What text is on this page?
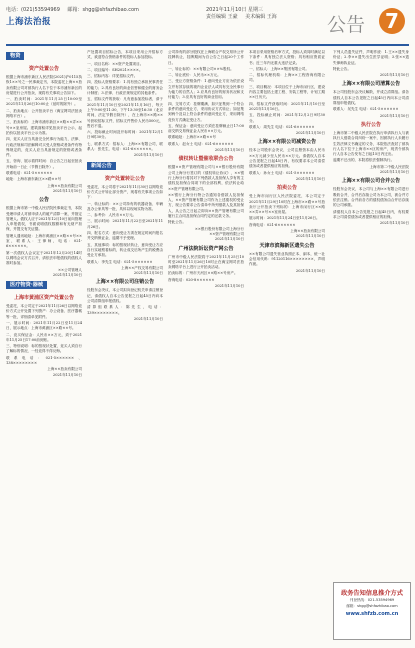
电话：(021)53594969 邮箱：shgg@shfazhibao.com	2021年11月10日 星期三
责任编辑 王豪 美术编辑 王海
上海法治报	公告	7
物资
资产处置公告

根据上海市浦东新区人民法院(2021)沪0115执恢1××号之一民事裁定书，本院委托上海××拍卖有限公司对被执行人名下位于本市浦东新区的房屋进行公开拍卖，现将有关事项公告如下。

一、拍卖时间：2021年11月25日10:00至2021年11月26日10:00止（延时的除外）。

二、拍卖地点：公开拍卖平台（淘宝网司法拍卖网络平台）。

三、拍卖标的：上海市浦东新区××路××弄××号××室房屋。建筑面积详见拍卖平台公示，起拍价以拍卖平台公示为准。

四、竞买人应当具备完全民事行为能力，法律、行政法规和司法解释对买受人资格或者条件有特殊规定的，竞买人应当具备规定的资格或者条件。

五、咨询、展示看样时间：自公告之日起至拍卖开始前一日止（节假日除外）。

联系电话：021-5××××××

地址：上海市浦东新区××路××号

上海××拍卖有限公司
2021年11月10日

公告

根据上海市第一中级人民法院民事裁定书，本院受理申请人对被申请人的破产清算一案，并指定管理人。债权人应于2021年12月10日前向管理人申报债权，书面说明债权数额和有无财产担保，并提交有关证据。

管理人通讯地址：上海市黄浦区××路××号××室，联系人：王律师，电话：021-6××××××。

第一次债权人会议定于2021年12月20日14时以网络会议方式召开，请依法申报债权的债权人准时参加。

××公司管理人
2021年11月10日

医疗物资·器械
上海市黄浦区资产处置公告

受委托，本公司定于2021年11月26日以网络竞价方式公开处置下列资产：办公设备、医疗器械等一批，详细清单见附件。

一、展示时间：2021年11月22日至11月24日，展示地点：上海市黄浦区××路××号。

二、竞买保证金：人民币××万元，须于2021年11月25日17:00前到账。

三、特别说明：标的按现状处置，竞买人须自行了解标的情况，一经竞得不得反悔。

联系电话：021-5××××××、138××××××××

上海××拍卖有限公司
2021年11月10日

产处置项目招标公告，本项目采用公开招标方式，欢迎符合资格条件的投标人参加投标。

一、项目名称：××资产处置项目。

二、项目编号：SH2021××××。

三、招标内容：详见招标文件。

四、投标人资格要求：1.具有独立承担民事责任的能力；2.具有良好的商业信誉和健全的财务会计制度；3.法律、行政法规规定的其他条件。

五、招标文件的获取：凡有意参加投标者，请于2021年11月10日至2021年11月16日，每天上午9:00至11:30，下午13:30至16:30（北京时间，法定节假日除外），在上海市××路××号获取招标文件，招标文件售价人民币500元，售后不退。

六、投标截止时间及开标时间：2021年12月1日9时30分。

七、联系方式：招标人：上海××有限公司，联系人：张先生，电话：021-6××××××。

2021年11月10日

新闻公告
资产处置转让公告

受委托，本公司将于2021年11月30日以网络竞价方式公开转让部分资产，现将有关事项公告如下：

一、转让标的：××公司持有的机器设备、车辆及办公家具等一批，具体以现场实物为准。

二、参考价：人民币××万元。

三、展示时间：2021年11月22日至2021年11月26日。

四、报名方式：意向受让方须在规定时间内报名并交纳保证金，逾期不予受理。

五、其他事项：标的按现状转让，意向受让方应自行实地察看标的，转让成交后所产生的税费由受让方承担。

联系人：李先生 电话：021-5××××××

上海××产权交易有限公司
2021年11月10日

上海××有限公司注销公告

经股东会决议，本公司拟向登记机关申请注销登记，请债权人自本公告见报之日起45日内向本公司清算组申报债权。

清算组联系人：陈先生，电话：139××××××××。

2021年11月10日

公司持有的部分股权在上海联合产权交易所公开挂牌转让，挂牌期间为自公告之日起20个工作日。

一、转让标的：××有限公司××%股权。

二、转让底价：人民币××万元。

三、受让方资格条件：1.意向受让方应为依法设立并有效存续的境内企业法人或具有完全民事行为能力的自然人；2.应具有良好的财务状况和支付能力；3.应具有良好的商业信用。

四、交易方式：挂牌期满，如只征集到一个符合条件的意向受让方，采用协议方式转让；如征集到两个及以上符合条件的意向受让方，采用网络竞价方式确定受让方。

五、保证金：意向受让方须在挂牌截止日17:00前交纳交易保证金人民币××万元。

联系地址：上海市××路××号

联系人：赵女士 电话：021-6××××××

2021年11月10日

债权转让暨催收联合公告

根据××资产管理有限公司与××银行股份有限公司上海分行签订的《债权转让协议》，××银行上海分行将其对下列借款人及担保人享有的主债权及担保合同项下的全部权利，依法转让给××资产管理有限公司。

××银行上海分行特公告通知各借款人及担保人，××资产管理有限公司作为上述债权的受让方，现公告要求公告清单中所列借款人及其担保人，从公告之日起立即向××资产管理有限公司履行主合同及担保合同约定的还款义务。

特此公告。

××银行股份有限公司上海分行
××资产管理有限公司
2021年11月10日

广州法院诉讼资产网公告

广州市中级人民法院将于2021年11月25日10时至2021年11月26日10时止在淘宝网司法拍卖网络平台上进行公开拍卖活动。

拍卖标的：广州市天河区××路××号房产。

咨询电话：020-8××××××

2021年11月10日

本项目采用资格后审方式，投标人须同时满足以下条件：具有独立法人资格；具有相应资质证书；近三年内无重大违法记录。

一、招标人：上海××集团有限公司。

二、招标代理机构：上海××工程咨询有限公司。

三、项目概况：本项目位于上海市闵行区，建设内容主要包括土建工程、安装工程等，计划工期××日历天。

四、招标文件获取时间：2021年11月10日至2021年11月16日。

五、投标截止时间：2021年12月2日9时30分。

联系人：周先生 电话：021-6××××××

2021年11月10日

上海××有限公司减资公告

经本公司股东会决议，公司注册资本由人民币××万元减少至人民币××万元。请债权人自本公告见报之日起45日内，有权要求本公司清偿债务或者提供相应的担保。

联系人：孙女士 电话：021-5××××××

2021年11月10日

拍卖公告

受上海市闵行区人民法院委托，本公司定于2021年11月29日10时在上海市××路××号拍卖厅公开拍卖下列标的：上海市闵行区××路××弄××号××室房屋。

展示时间：2021年11月24日至11月26日。

咨询电话：021-6××××××

上海××拍卖有限公司
2021年11月10日

天津市滨海新区遗失公告

××有限公司遗失营业执照正本、副本，统一社会信用代码：91120116××××××××，声明作废。

2021年11月10日

下列人员遗失证件，声明作废：1.王××遗失身份证；2.李××遗失出生医学证明；3.张××遗失律师执业证。

特此公告。

2021年11月10日

上海××有限公司清算公告

本公司经股东会决议解散，并成立清算组。请各债权人自本公告见报之日起45日内向本公司清算组申报债权。

联系人：吴先生 电话：021-5××××××

2021年11月10日

执行公告

上海市第二中级人民法院在执行申请执行人与被执行人借款合同纠纷一案中，因被执行人未履行生效法律文书确定的义务，本院依法查封了被执行人名下位于上海市××区的房产，现责令被执行人自本公告发布之日起15日内迁出。

逾期不迁出的，本院将依法强制执行。

上海市第二中级人民法院
2021年11月10日

上海××有限公司合并公告

经股东会决议，本公司与上海××有限公司进行吸收合并，合并后存续公司为本公司，被合并方依法注销。合并前各方的债权债务由合并后存续的公司承继。

请债权人自本公告见报之日起45日内，有权要求公司清偿债务或者提供相应的担保。

2021年11月10日

政务告知信息推介方式
刊登热线：021-53594969
邮箱：shgg@shfazhibao.com
www.shfzb.com.cn
